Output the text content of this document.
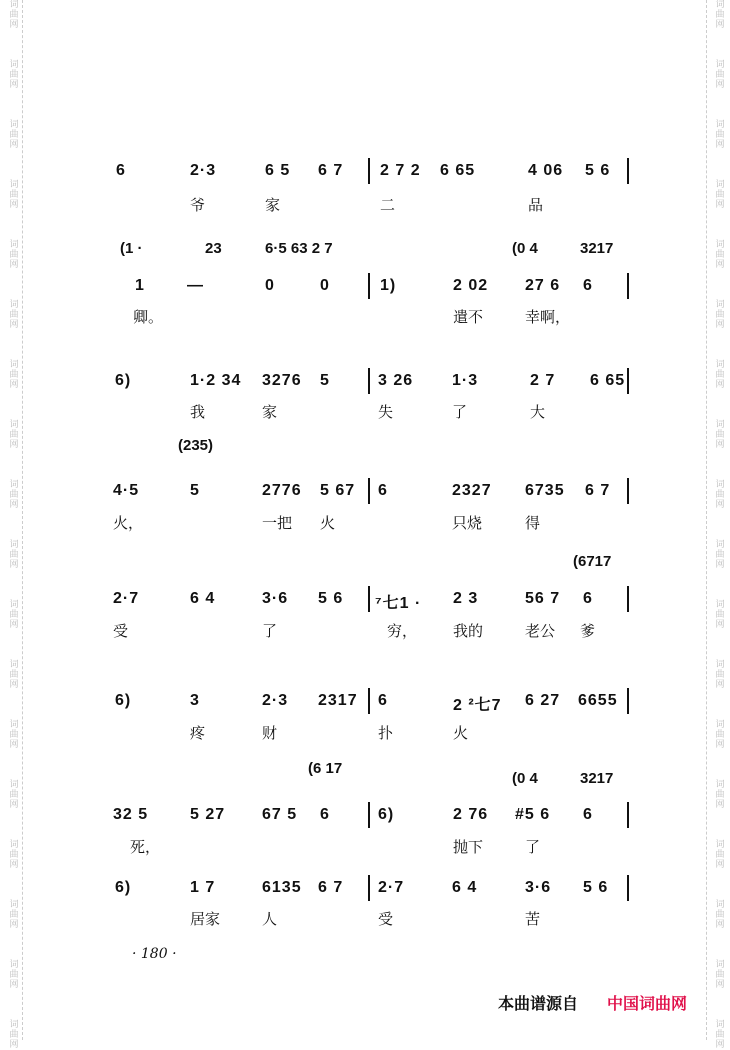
6	2·3	6 5 6 7 2 7 2 6 65	4 06 5 6
爷	家	二	品
1	—	0	0	1)	2 02 27 6 6
卿。	遣不	幸啊，
(1 ·	23	6·5 63 2 7	(0 4	3217
6)	1·2 34 3276 5	3 26 1·3	2 7 6 65
我	家	失	了	大
4·5	5	2776 5 67 6	2327 6735 6 7
火，	一把 火	只烧	得
(235)
2·7	6 4	3·6 5 6 ⁷七1 · 2 3	56 7 6
受	了	穷， 我的	老公 爹
(6717
6)	3	2·3 2317 6	2 ²七7 6 27 6655
疼	财	扑	火
32 5	5 27 67 5 6	6)	2 76 #5 6 6
死，	抛下	了
(6 17
(0 4	3217
6)	1 7	6135 6 7 2·7	6 4	3·6 5 6
居家	人	受	苦
· 180 ·
本曲谱源自 中国词曲网
词
曲
网
词
曲
网
词
曲
网
词
曲
网
词
曲
网
词
曲
网
词
曲
网
词
曲
网
词
曲
网
词
曲
网
词
曲
网
词
曲
网
词
曲
网
词
曲
网
词
曲
网
词
曲
网
词
曲
网
词
曲
网
词
曲
网
词
曲
网
词
曲
网
词
曲
网
词
曲
网
词
曲
网
词
曲
网
词
曲
网
词
曲
网
词
曲
网
词
曲
网
词
曲
网
词
曲
网
词
曲
网
词
曲
网
词
曲
网
词
曲
网
词
曲
网
